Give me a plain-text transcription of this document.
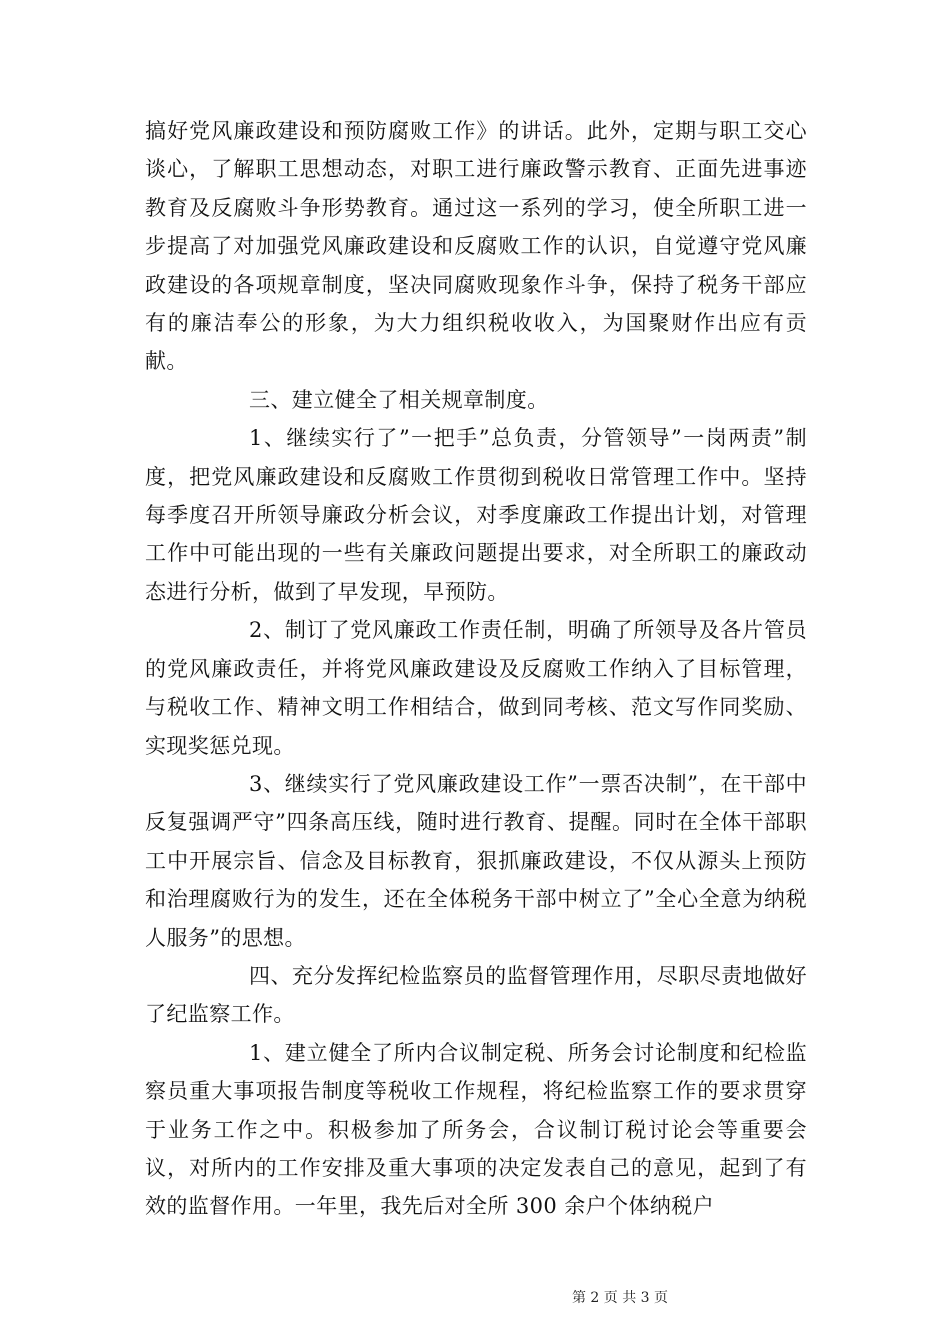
搞好党风廉政建设和预防腐败工作》的讲话。此外，定期与职工交心谈心，了解职工思想动态，对职工进行廉政警示教育、正面先进事迹教育及反腐败斗争形势教育。通过这一系列的学习，使全所职工进一步提高了对加强党风廉政建设和反腐败工作的认识，自觉遵守党风廉政建设的各项规章制度，坚决同腐败现象作斗争，保持了税务干部应有的廉洁奉公的形象，为大力组织税收收入，为国聚财作出应有贡献。

三、建立健全了相关规章制度。

1、继续实行了”一把手”总负责，分管领导”一岗两责”制度，把党风廉政建设和反腐败工作贯彻到税收日常管理工作中。坚持每季度召开所领导廉政分析会议，对季度廉政工作提出计划，对管理工作中可能出现的一些有关廉政问题提出要求，对全所职工的廉政动态进行分析，做到了早发现，早预防。

2、制订了党风廉政工作责任制，明确了所领导及各片管员的党风廉政责任，并将党风廉政建设及反腐败工作纳入了目标管理，与税收工作、精神文明工作相结合，做到同考核、范文写作同奖励、实现奖惩兑现。

3、继续实行了党风廉政建设工作”一票否决制”，在干部中反复强调严守”四条高压线，随时进行教育、提醒。同时在全体干部职工中开展宗旨、信念及目标教育，狠抓廉政建设，不仅从源头上预防和治理腐败行为的发生，还在全体税务干部中树立了”全心全意为纳税人服务”的思想。

四、充分发挥纪检监察员的监督管理作用，尽职尽责地做好了纪监察工作。

1、建立健全了所内合议制定税、所务会讨论制度和纪检监察员重大事项报告制度等税收工作规程，将纪检监察工作的要求贯穿于业务工作之中。积极参加了所务会，合议制订税讨论会等重要会议，对所内的工作安排及重大事项的决定发表自己的意见，起到了有效的监督作用。一年里，我先后对全所 300 余户个体纳税户

第 2 页 共 3 页
